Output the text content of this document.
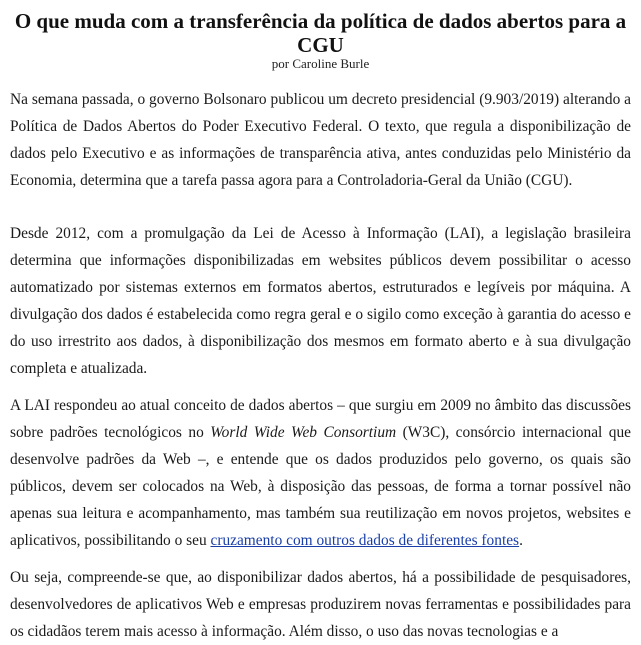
O que muda com a transferência da política de dados abertos para a CGU
por Caroline Burle

Na semana passada, o governo Bolsonaro publicou um decreto presidencial (9.903/2019) alterando a Política de Dados Abertos do Poder Executivo Federal. O texto, que regula a disponibilização de dados pelo Executivo e as informações de transparência ativa, antes conduzidas pelo Ministério da Economia, determina que a tarefa passa agora para a Controladoria-Geral da União (CGU).

Desde 2012, com a promulgação da Lei de Acesso à Informação (LAI), a legislação brasileira determina que informações disponibilizadas em websites públicos devem possibilitar o acesso automatizado por sistemas externos em formatos abertos, estruturados e legíveis por máquina. A divulgação dos dados é estabelecida como regra geral e o sigilo como exceção à garantia do acesso e do uso irrestrito aos dados, à disponibilização dos mesmos em formato aberto e à sua divulgação completa e atualizada.

A LAI respondeu ao atual conceito de dados abertos – que surgiu em 2009 no âmbito das discussões sobre padrões tecnológicos no World Wide Web Consortium (W3C), consórcio internacional que desenvolve padrões da Web –, e entende que os dados produzidos pelo governo, os quais são públicos, devem ser colocados na Web, à disposição das pessoas, de forma a tornar possível não apenas sua leitura e acompanhamento, mas também sua reutilização em novos projetos, websites e aplicativos, possibilitando o seu cruzamento com outros dados de diferentes fontes.

Ou seja, compreende-se que, ao disponibilizar dados abertos, há a possibilidade de pesquisadores, desenvolvedores de aplicativos Web e empresas produzirem novas ferramentas e possibilidades para os cidadãos terem mais acesso à informação. Além disso, o uso das novas tecnologias e a
